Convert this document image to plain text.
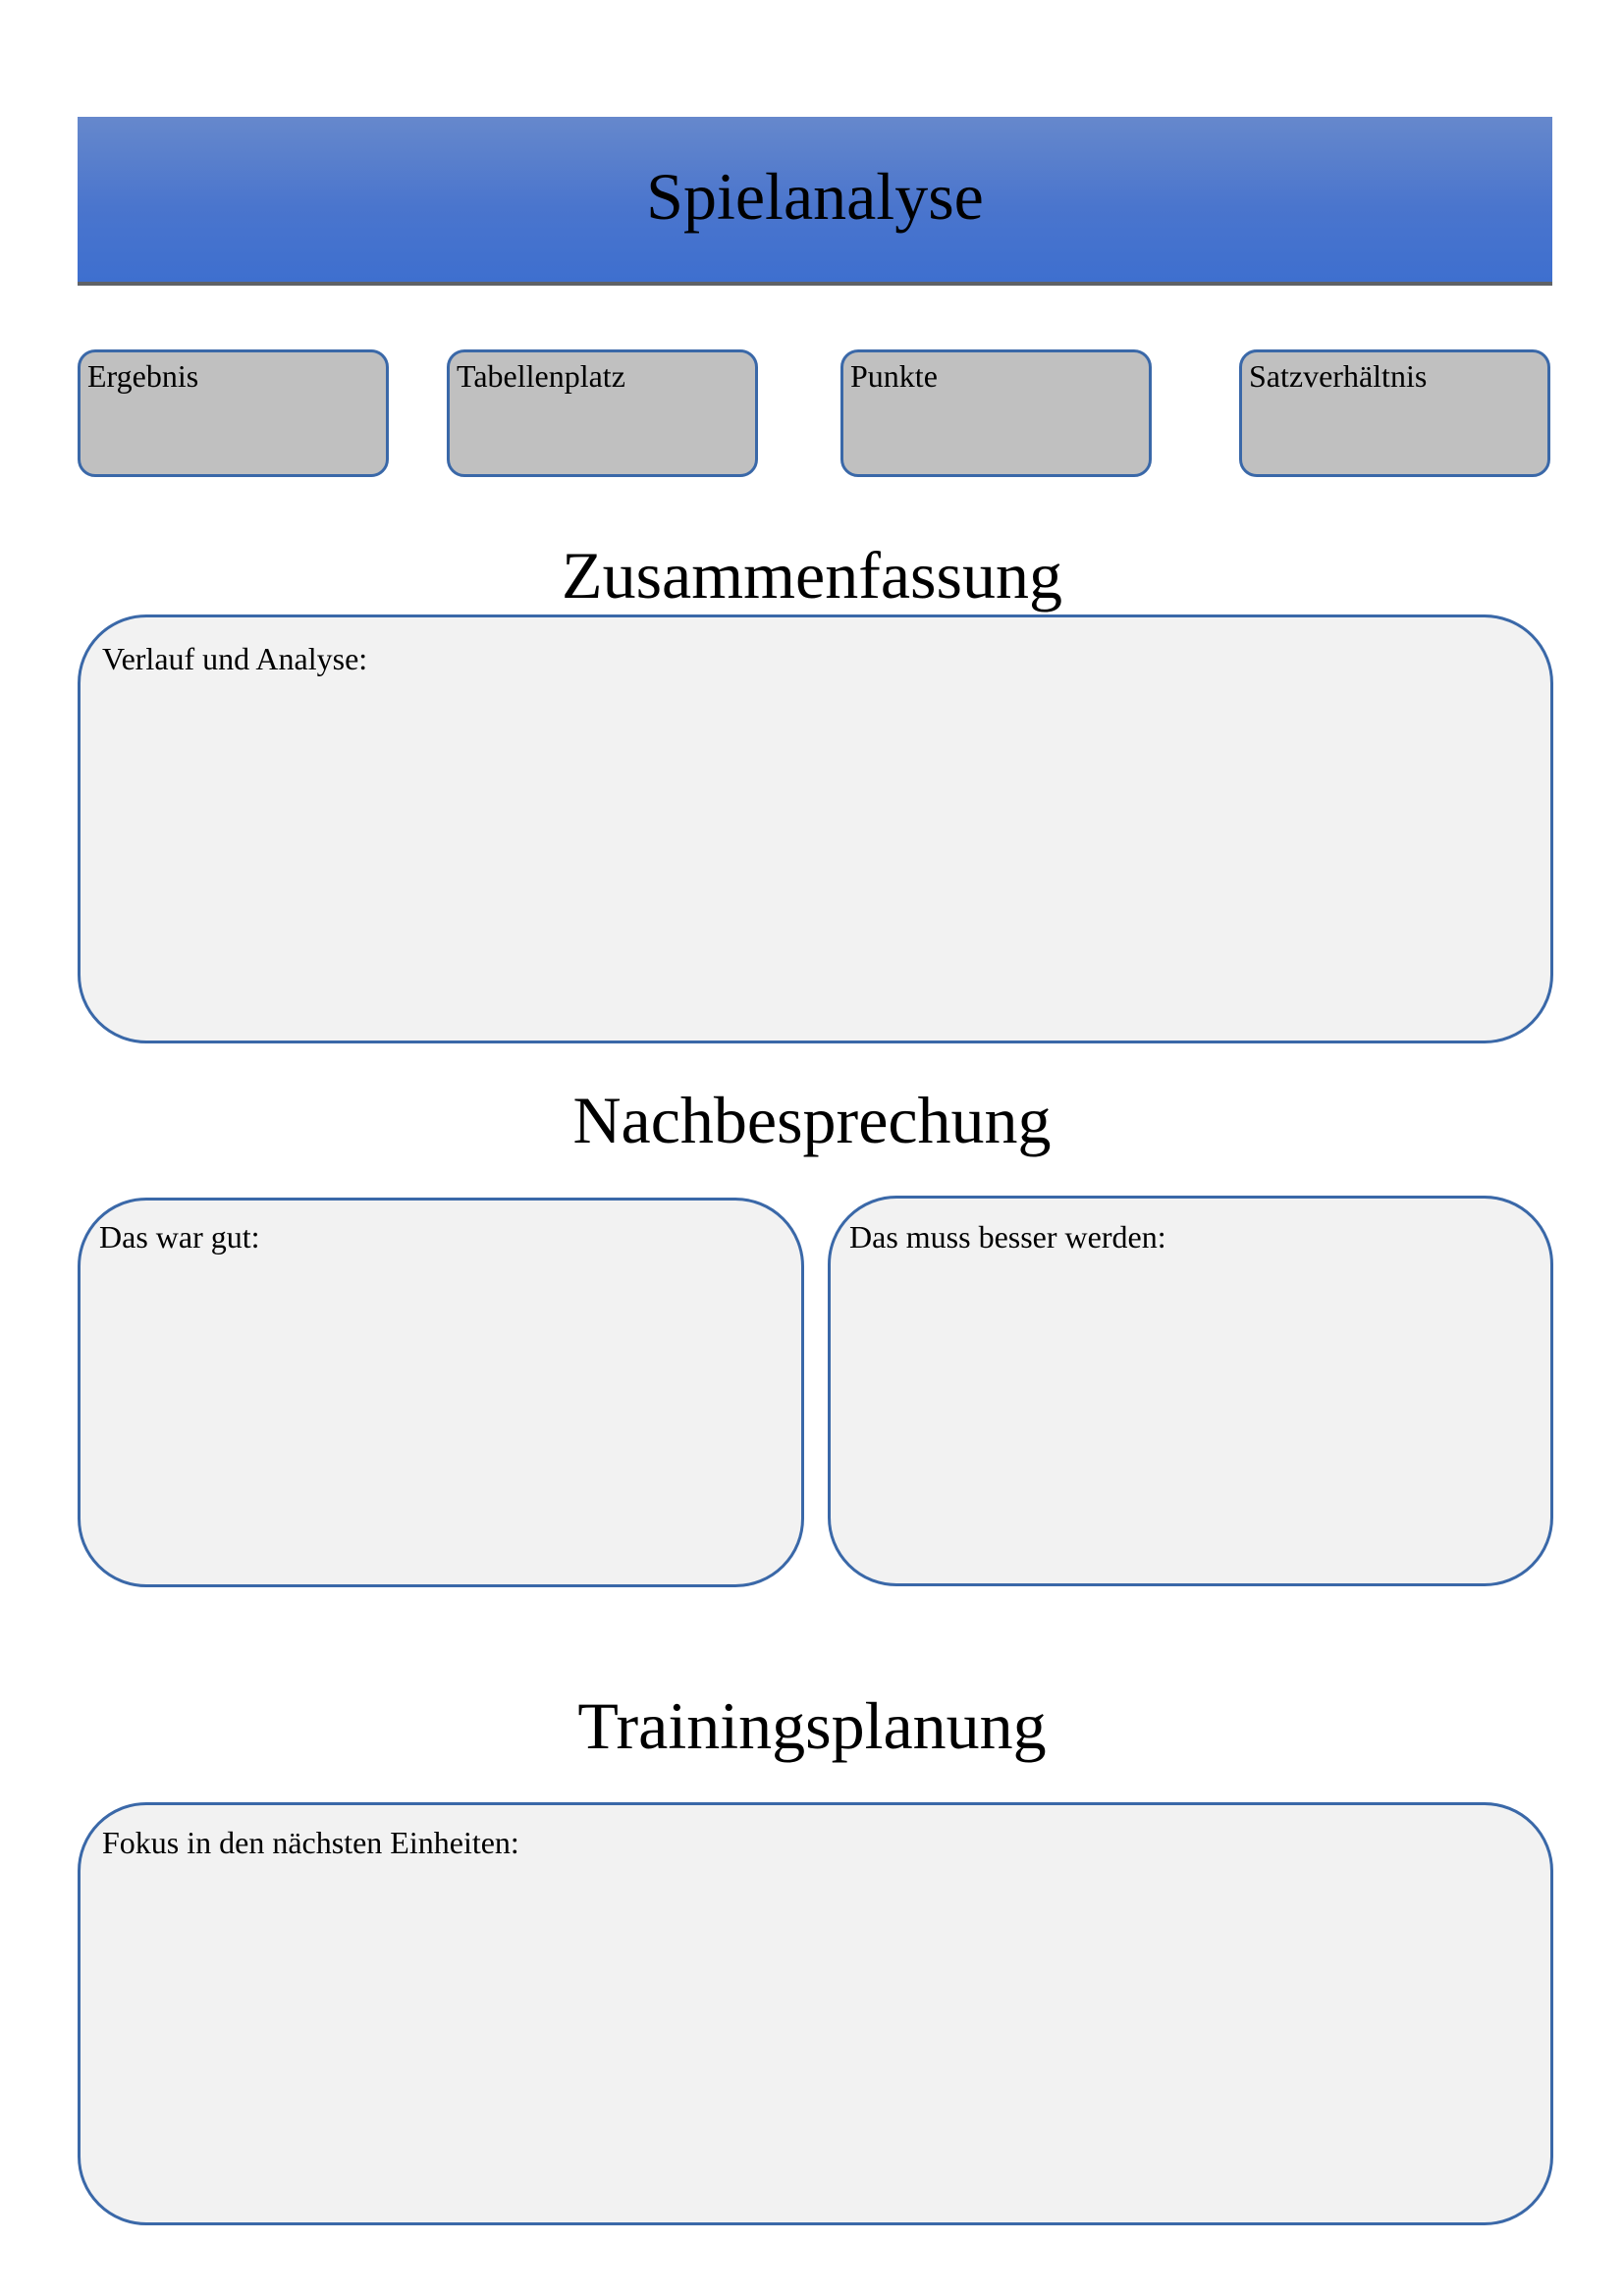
Spielanalyse
Ergebnis	Tabellenplatz	Punkte	Satzverhältnis
Zusammenfassung
Verlauf und Analyse:
Nachbesprechung
Das war gut:	Das muss besser werden:
Trainingsplanung
Fokus in den nächsten Einheiten:
